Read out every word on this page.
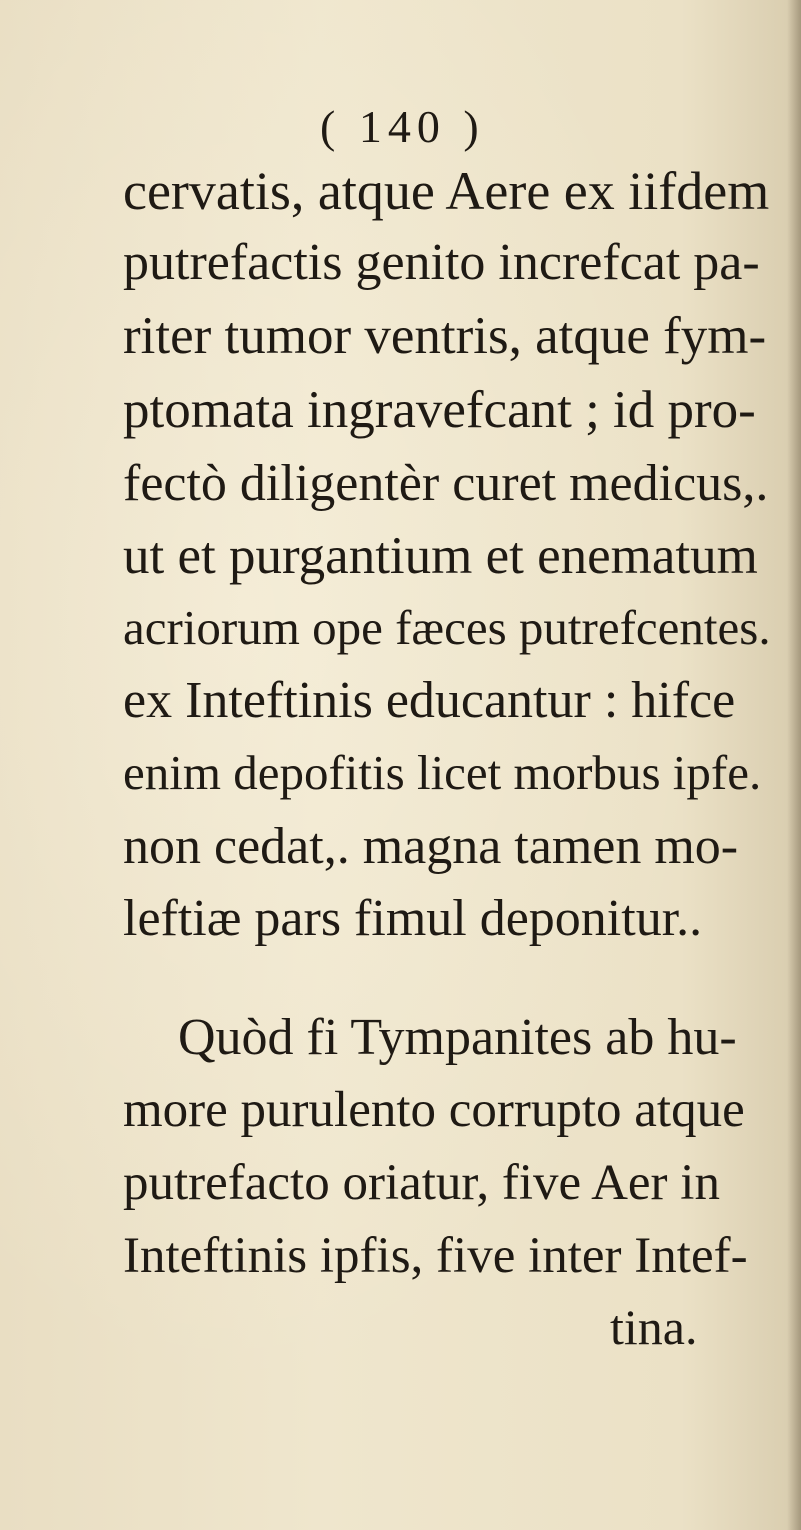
( 140 )
cervatis, atque Aere ex iifdem
putrefactis genito increfcat pa-
riter tumor ventris, atque fym-
ptomata ingravefcant ; id pro-
fectò diligentèr curet medicus,.
ut et purgantium et enematum
acriorum ope fæces putrefcentes.
ex Inteftinis educantur : hifce
enim depofitis licet morbus ipfe.
non cedat,. magna tamen mo-
leftiæ pars fimul deponitur..
Quòd fi Tympanites ab hu-
more purulento corrupto atque
putrefacto oriatur, five Aer in
Inteftinis ipfis, five inter Intef-
tina.
